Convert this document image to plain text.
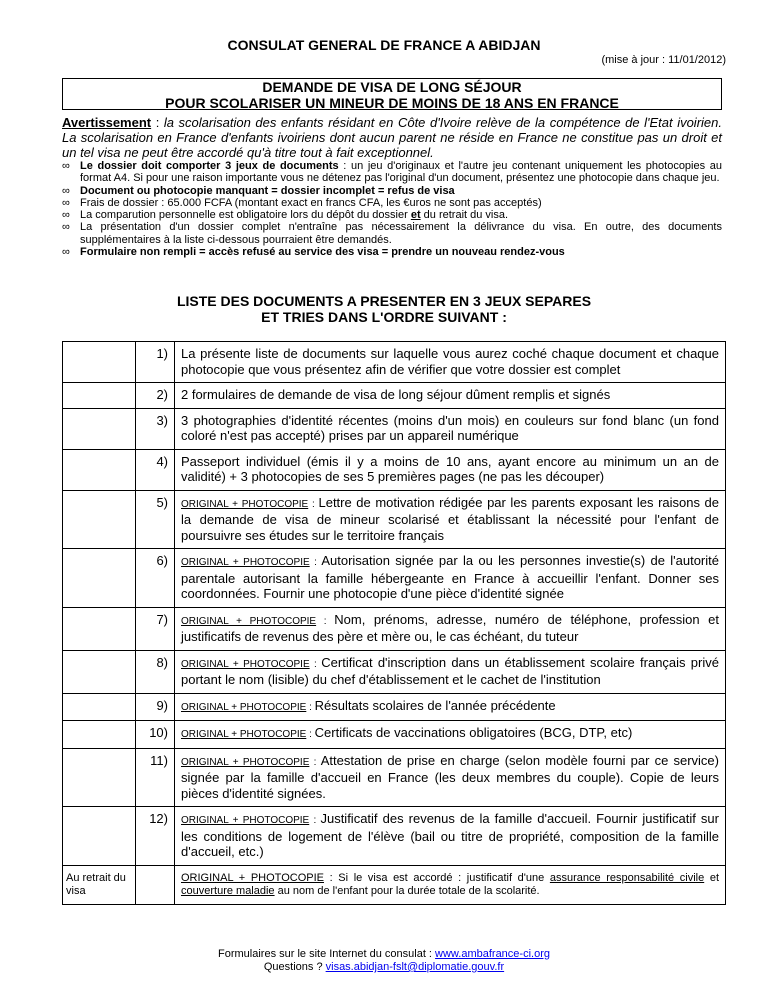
CONSULAT GENERAL DE FRANCE A ABIDJAN
(mise à jour : 11/01/2012)
DEMANDE DE VISA DE LONG SÉJOUR
POUR SCOLARISER UN MINEUR DE MOINS DE 18 ANS EN FRANCE
Avertissement : la scolarisation des enfants résidant en Côte d'Ivoire relève de la compétence de l'Etat ivoirien. La scolarisation en France d'enfants ivoiriens dont aucun parent ne réside en France ne constitue pas un droit et un tel visa ne peut être accordé qu'à titre tout à fait exceptionnel.
∞ Le dossier doit comporter 3 jeux de documents : un jeu d'originaux et l'autre jeu contenant uniquement les photocopies au format A4. Si pour une raison importante vous ne détenez pas l'original d'un document, présentez une photocopie dans chaque jeu.
∞ Document ou photocopie manquant = dossier incomplet = refus de visa
∞ Frais de dossier : 65.000 FCFA (montant exact en francs CFA, les €uros ne sont pas acceptés)
∞ La comparution personnelle est obligatoire lors du dépôt du dossier et du retrait du visa.
∞ La présentation d'un dossier complet n'entraîne pas nécessairement la délivrance du visa. En outre, des documents supplémentaires à la liste ci-dessous pourraient être demandés.
∞ Formulaire non rempli = accès refusé au service des visa = prendre un nouveau rendez-vous
LISTE DES DOCUMENTS A PRESENTER EN 3 JEUX SEPARES
ET TRIES DANS L'ORDRE SUIVANT :
	1)	La présente liste de documents sur laquelle vous aurez coché chaque document et chaque photocopie que vous présentez afin de vérifier que votre dossier est complet
	2)	2 formulaires de demande de visa de long séjour dûment remplis et signés
	3)	3 photographies d'identité récentes (moins d'un mois) en couleurs sur fond blanc (un fond coloré n'est pas accepté) prises par un appareil numérique
	4)	Passeport individuel (émis il y a moins de 10 ans, ayant encore au minimum un an de validité) + 3 photocopies de ses 5 premières pages (ne pas les découper)
	5)	ORIGINAL + PHOTOCOPIE : Lettre de motivation rédigée par les parents exposant les raisons de la demande de visa de mineur scolarisé et établissant la nécessité pour l'enfant de poursuivre ses études sur le territoire français
	6)	ORIGINAL + PHOTOCOPIE : Autorisation signée par la ou les personnes investie(s) de l'autorité parentale autorisant la famille hébergeante en France à accueillir l'enfant. Donner ses coordonnées. Fournir une photocopie d'une pièce d'identité signée
	7)	ORIGINAL + PHOTOCOPIE : Nom, prénoms, adresse, numéro de téléphone, profession et justificatifs de revenus des père et mère ou, le cas échéant, du tuteur
	8)	ORIGINAL + PHOTOCOPIE : Certificat d'inscription dans un établissement scolaire français privé portant le nom (lisible) du chef d'établissement et le cachet de l'institution
	9)	ORIGINAL + PHOTOCOPIE : Résultats scolaires de l'année précédente
	10)	ORIGINAL + PHOTOCOPIE : Certificats de vaccinations obligatoires (BCG, DTP, etc)
	11)	ORIGINAL + PHOTOCOPIE : Attestation de prise en charge (selon modèle fourni par ce service) signée par la famille d'accueil en France (les deux membres du couple). Copie de leurs pièces d'identité signées.
	12)	ORIGINAL + PHOTOCOPIE : Justificatif des revenus de la famille d'accueil. Fournir justificatif sur les conditions de logement de l'élève (bail ou titre de propriété, composition de la famille d'accueil, etc.)
Au retrait du visa		ORIGINAL + PHOTOCOPIE : Si le visa est accordé : justificatif d'une assurance responsabilité civile et couverture maladie au nom de l'enfant pour la durée totale de la scolarité.
Formulaires sur le site Internet du consulat : www.ambafrance-ci.org
Questions ? visas.abidjan-fslt@diplomatie.gouv.fr
